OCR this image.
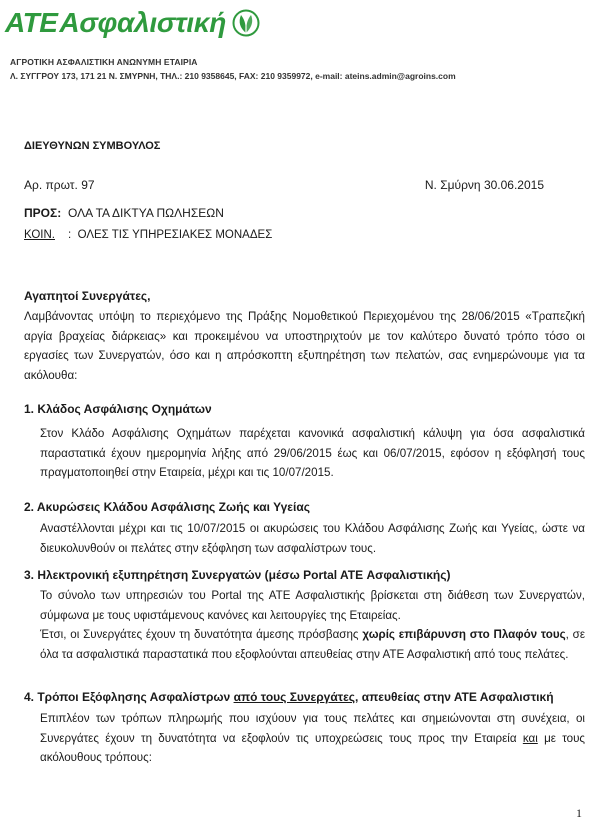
ATE Ασφαλιστική
ΑΓΡΟΤΙΚΗ ΑΣΦΑΛΙΣΤΙΚΗ ΑΝΩΝΥΜΗ ΕΤΑΙΡΙΑ
Λ. ΣΥΓΓΡΟΥ 173, 171 21 Ν. ΣΜΥΡΝΗ, ΤΗΛ.: 210 9358645, FAX: 210 9359972, e-mail: ateins.admin@agroins.com
ΔΙΕΥΘΥΝΩΝ ΣΥΜΒΟΥΛΟΣ
Αρ. πρωτ. 97	Ν. Σμύρνη 30.06.2015
ΠΡΟΣ: ΟΛΑ ΤΑ ΔΙΚΤΥΑ ΠΩΛΗΣΕΩΝ
ΚΟΙΝ. : ΟΛΕΣ ΤΙΣ ΥΠΗΡΕΣΙΑΚΕΣ ΜΟΝΑΔΕΣ
Αγαπητοί Συνεργάτες,
Λαμβάνοντας υπόψη το περιεχόμενο της Πράξης Νομοθετικού Περιεχομένου της 28/06/2015 «Τραπεζική αργία βραχείας διάρκειας» και προκειμένου να υποστηριχτούν με τον καλύτερο δυνατό τρόπο τόσο οι εργασίες των Συνεργατών, όσο και η απρόσκοπτη εξυπηρέτηση των πελατών, σας ενημερώνουμε για τα ακόλουθα:
1. Κλάδος Ασφάλισης Οχημάτων
Στον Κλάδο Ασφάλισης Οχημάτων παρέχεται κανονικά ασφαλιστική κάλυψη για όσα ασφαλιστικά παραστατικά έχουν ημερομηνία λήξης από 29/06/2015 έως και 06/07/2015, εφόσον η εξόφλησή τους πραγματοποιηθεί στην Εταιρεία, μέχρι και τις 10/07/2015.
2. Ακυρώσεις Κλάδου Ασφάλισης Ζωής και Υγείας
Αναστέλλονται μέχρι και τις 10/07/2015 οι ακυρώσεις του Κλάδου Ασφάλισης Ζωής και Υγείας, ώστε να διευκολυνθούν οι πελάτες στην εξόφληση των ασφαλίστρων τους.
3. Ηλεκτρονική εξυπηρέτηση Συνεργατών (μέσω Portal ATE Ασφαλιστικής)
Το σύνολο των υπηρεσιών του Portal της ΑΤΕ Ασφαλιστικής βρίσκεται στη διάθεση των Συνεργατών, σύμφωνα με τους υφιστάμενους κανόνες και λειτουργίες της Εταιρείας.
Έτσι, οι Συνεργάτες έχουν τη δυνατότητα άμεσης πρόσβασης χωρίς επιβάρυνση στο Πλαφόν τους, σε όλα τα ασφαλιστικά παραστατικά που εξοφλούνται απευθείας στην ΑΤΕ Ασφαλιστική από τους πελάτες.
4. Τρόποι Εξόφλησης Ασφαλίστρων από τους Συνεργάτες, απευθείας στην ΑΤΕ Ασφαλιστική
Επιπλέον των τρόπων πληρωμής που ισχύουν για τους πελάτες και σημειώνονται στη συνέχεια, οι Συνεργάτες έχουν τη δυνατότητα να εξοφλούν τις υποχρεώσεις τους προς την Εταιρεία και με τους ακόλουθους τρόπους:
1
